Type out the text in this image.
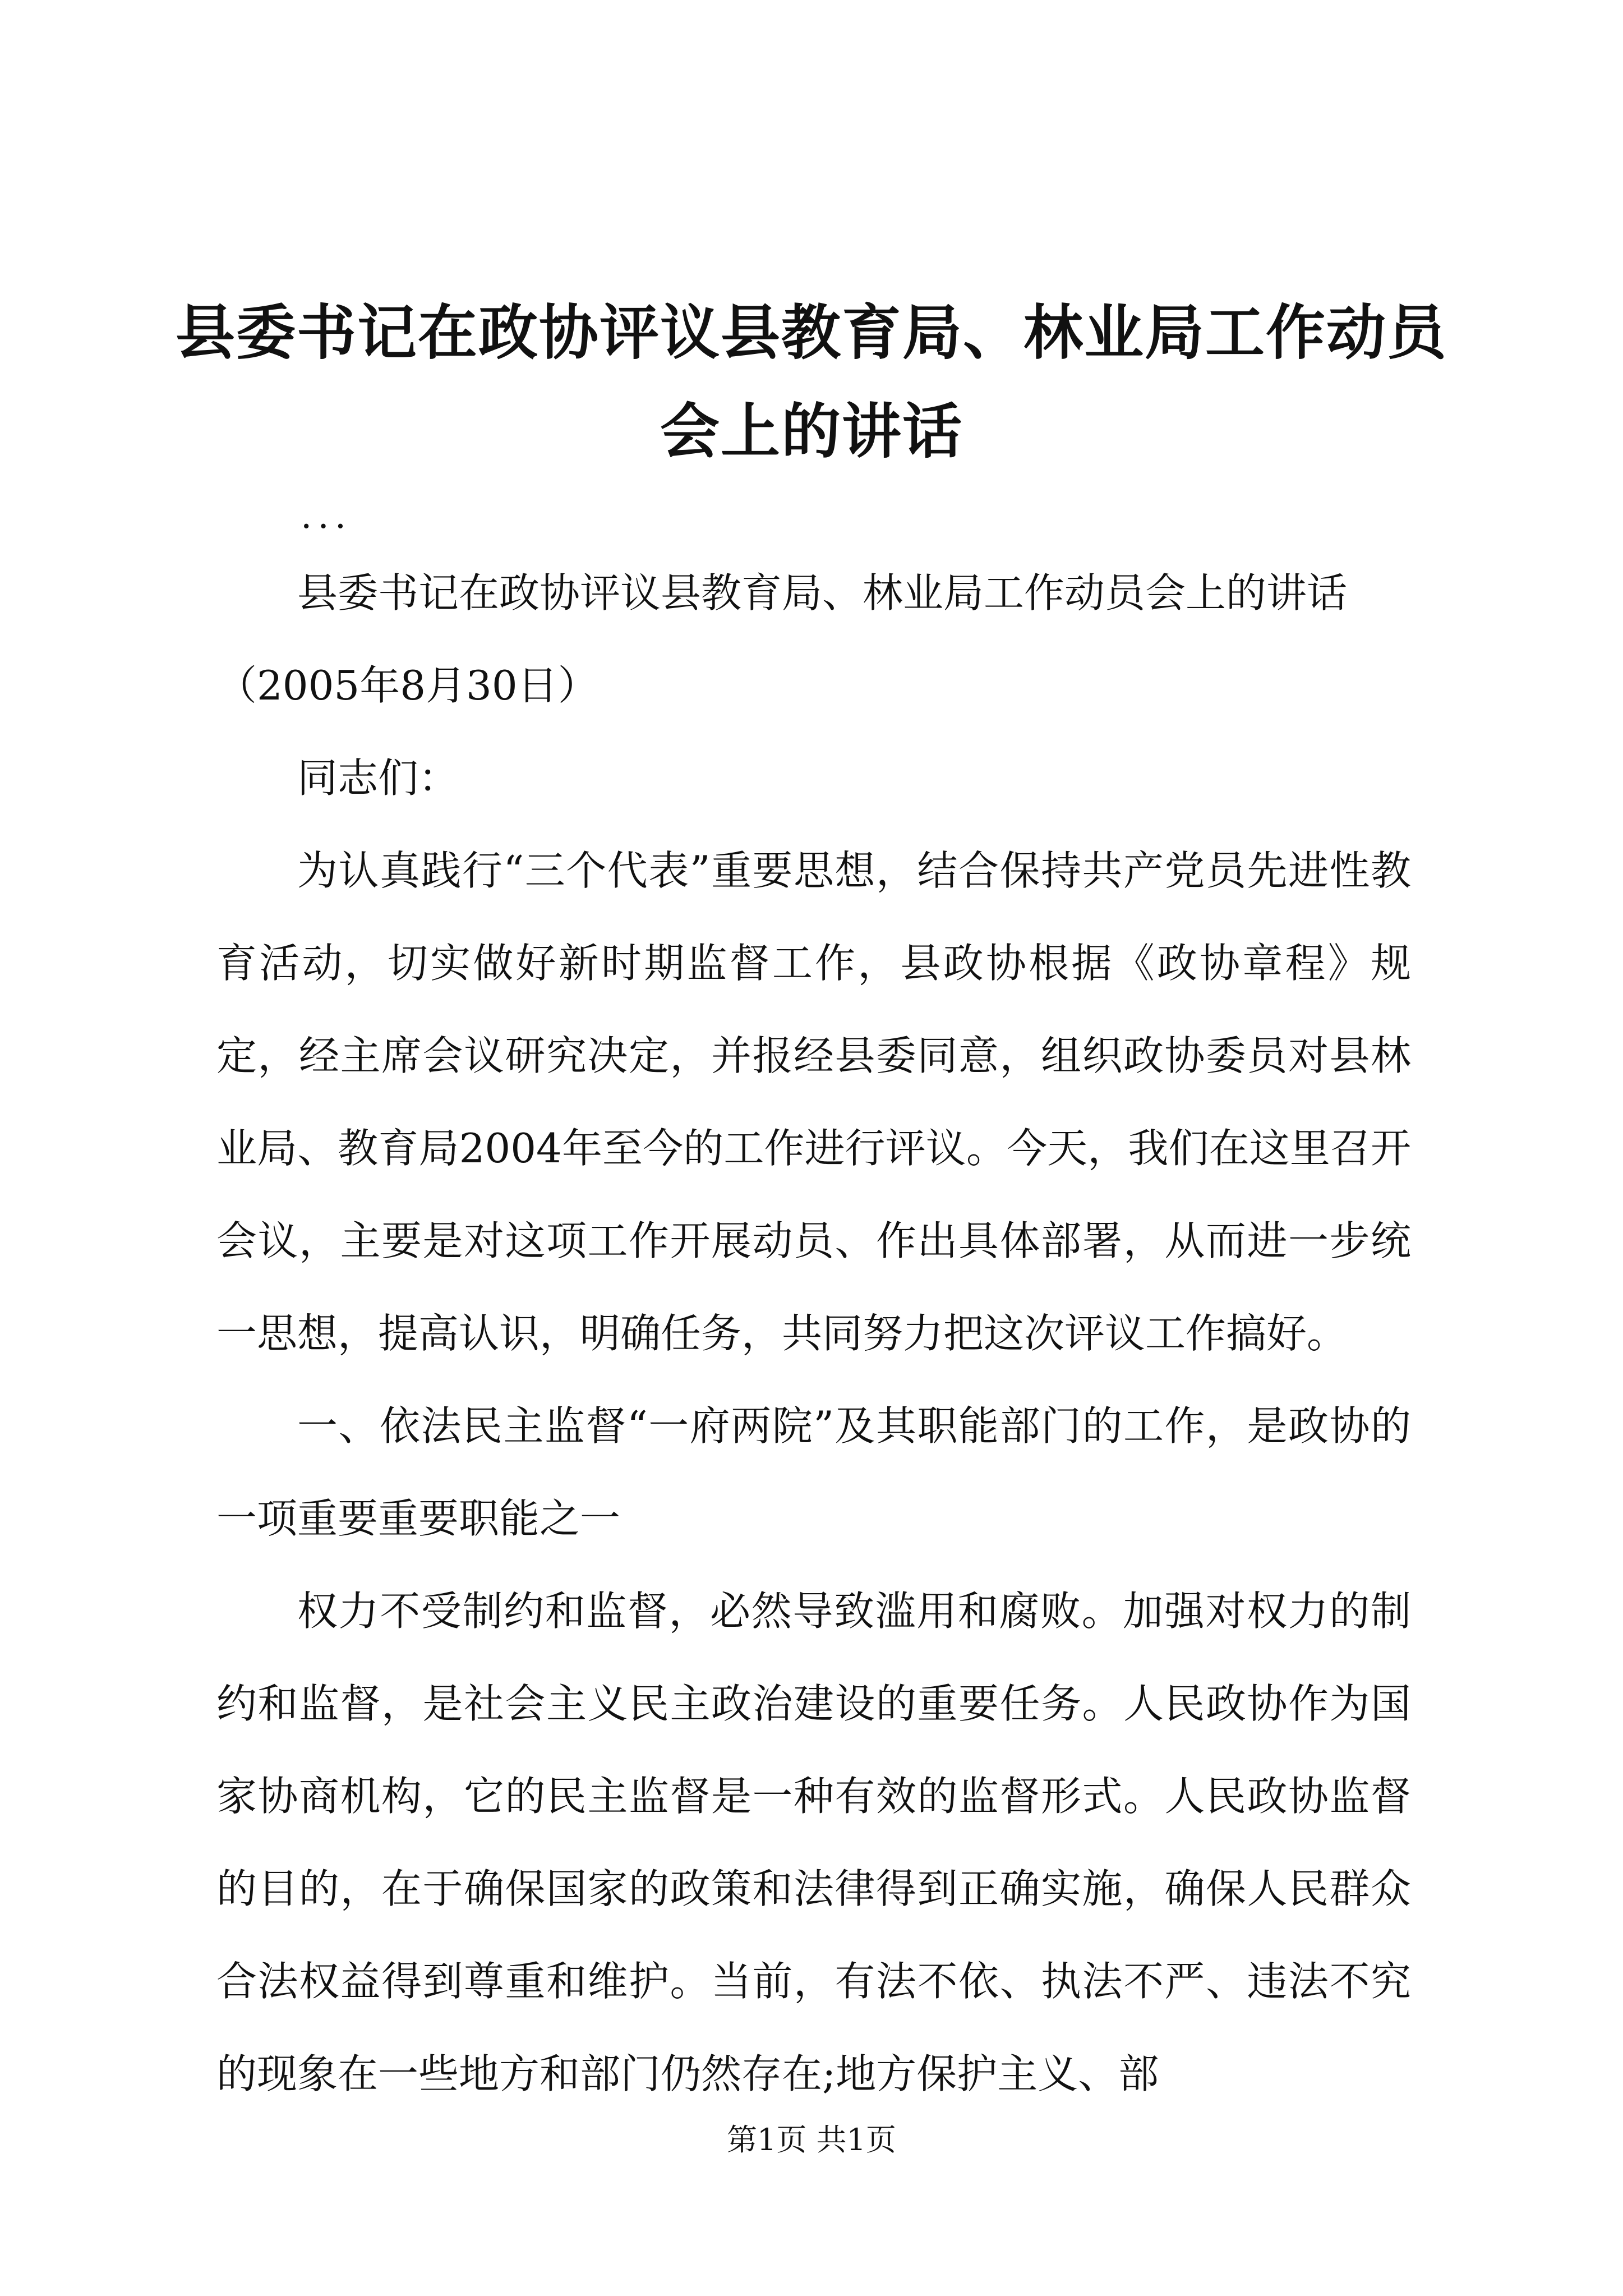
县委书记在政协评议县教育局、林业局工作动员会上的讲话

...

县委书记在政协评议县教育局、林业局工作动员会上的讲话

（2005年8月30日）

同志们：

为认真践行“三个代表”重要思想，结合保持共产党员先进性教育活动，切实做好新时期监督工作，县政协根据《政协章程》规定，经主席会议研究决定，并报经县委同意，组织政协委员对县林业局、教育局2004年至今的工作进行评议。今天，我们在这里召开会议，主要是对这项工作开展动员、作出具体部署，从而进一步统一思想，提高认识，明确任务，共同努力把这次评议工作搞好。

一、依法民主监督“一府两院”及其职能部门的工作，是政协的一项重要重要职能之一

权力不受制约和监督，必然导致滥用和腐败。加强对权力的制约和监督，是社会主义民主政治建设的重要任务。人民政协作为国家协商机构，它的民主监督是一种有效的监督形式。人民政协监督的目的，在于确保国家的政策和法律得到正确实施，确保人民群众合法权益得到尊重和维护。当前，有法不依、执法不严、违法不究的现象在一些地方和部门仍然存在;地方保护主义、部

第1页 共1页
